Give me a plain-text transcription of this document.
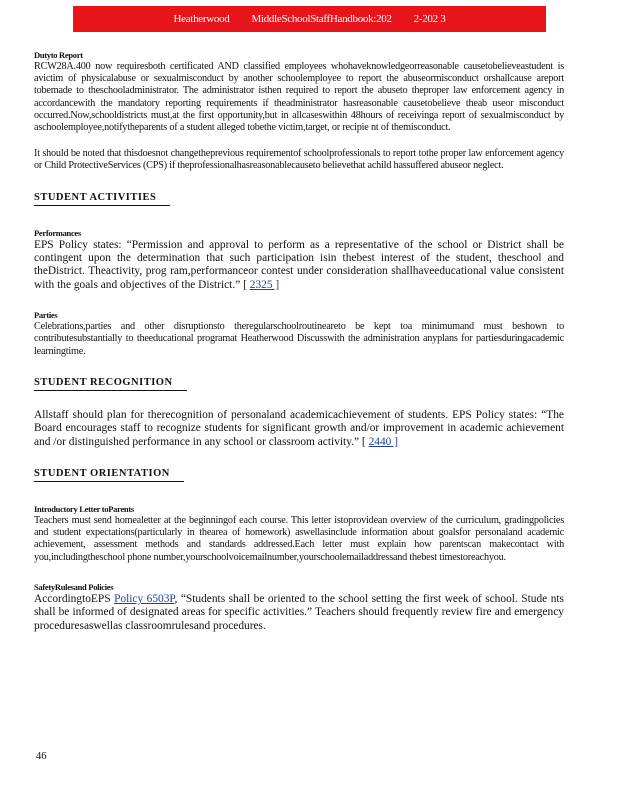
Heatherwood MiddleSchoolStaffHandbook:202 2-202 3
Dutyto Report

RCW28A.400 now requiresboth certificated AND classified employees whohaveknowledgeorreasonable causetobelieveastudent is avictim of physicalabuse or sexualmisconduct by another schoolemployee to report the abuseormisconduct orshallcause areport tobemade to theschooladministrator. The administrator isthen required to report the abuseto theproper law enforcement agency in accordancewith the mandatory reporting requirements if theadministrator hasreasonable causetobelieve theab useor misconduct occurred.Now,schooldistricts must,at the first opportunity,but in allcaseswithin 48hours of receivinga report of sexualmisconduct by aschoolemployee,notifytheparents of a student alleged tobethe victim,target, or recipie nt of themisconduct.

It should be noted that thisdoesnot changetheprevious requirementof schoolprofessionals to report tothe proper law enforcement agency or Child ProtectiveServices (CPS) if theprofessionalhasreasonablecauseto believethat achild hassuffered abuseor neglect.

STUDENT ACTIVITIES
Performances

EPS Policy states: “Permission and approval to perform as a representative of the school or District shall be contingent upon the determination that such participation isin thebest interest of the student, theschool and theDistrict. Theactivity, prog ram,performanceor contest under consideration shallhaveeducational value consistent with the goals and objectives of the District.” [ 2325 ]

Parties

Celebrations,parties and other disruptionsto theregularschoolroutineareto be kept toa minimumand must beshown to contributesubstantially to theeducational programat Heatherwood Discusswith the administration anyplans for partiesduringacademic learningtime.

STUDENT RECOGNITION

Allstaff should plan for therecognition of personaland academicachievement of students. EPS Policy states: “The Board encourages staff to recognize students for significant growth and/or improvement in academic achievement and /or distinguished performance in any school or classroom activity.” [ 2440 ]

STUDENT ORIENTATION
Introductory Letter toParents

Teachers must send homealetter at the beginningof each course. This letter istoprovidean overview of the curriculum, gradingpolicies and student expectations(particularly in thearea of homework) aswellasinclude information about goalsfor personaland academic achievement, assessment methods and standards addressed.Each letter must explain how parentscan makecontact with you,includingtheschool phone number,yourschoolvoicemailnumber,yourschoolemailaddressand thebest timestoreachyou.

SafetyRulesand Policies

AccordingtoEPS Policy 6503P, “Students shall be oriented to the school setting the first week of school. Stude nts shall be informed of designated areas for specific activities.” Teachers should frequently review fire and emergency proceduresaswellas classroomrulesand procedures.

46
